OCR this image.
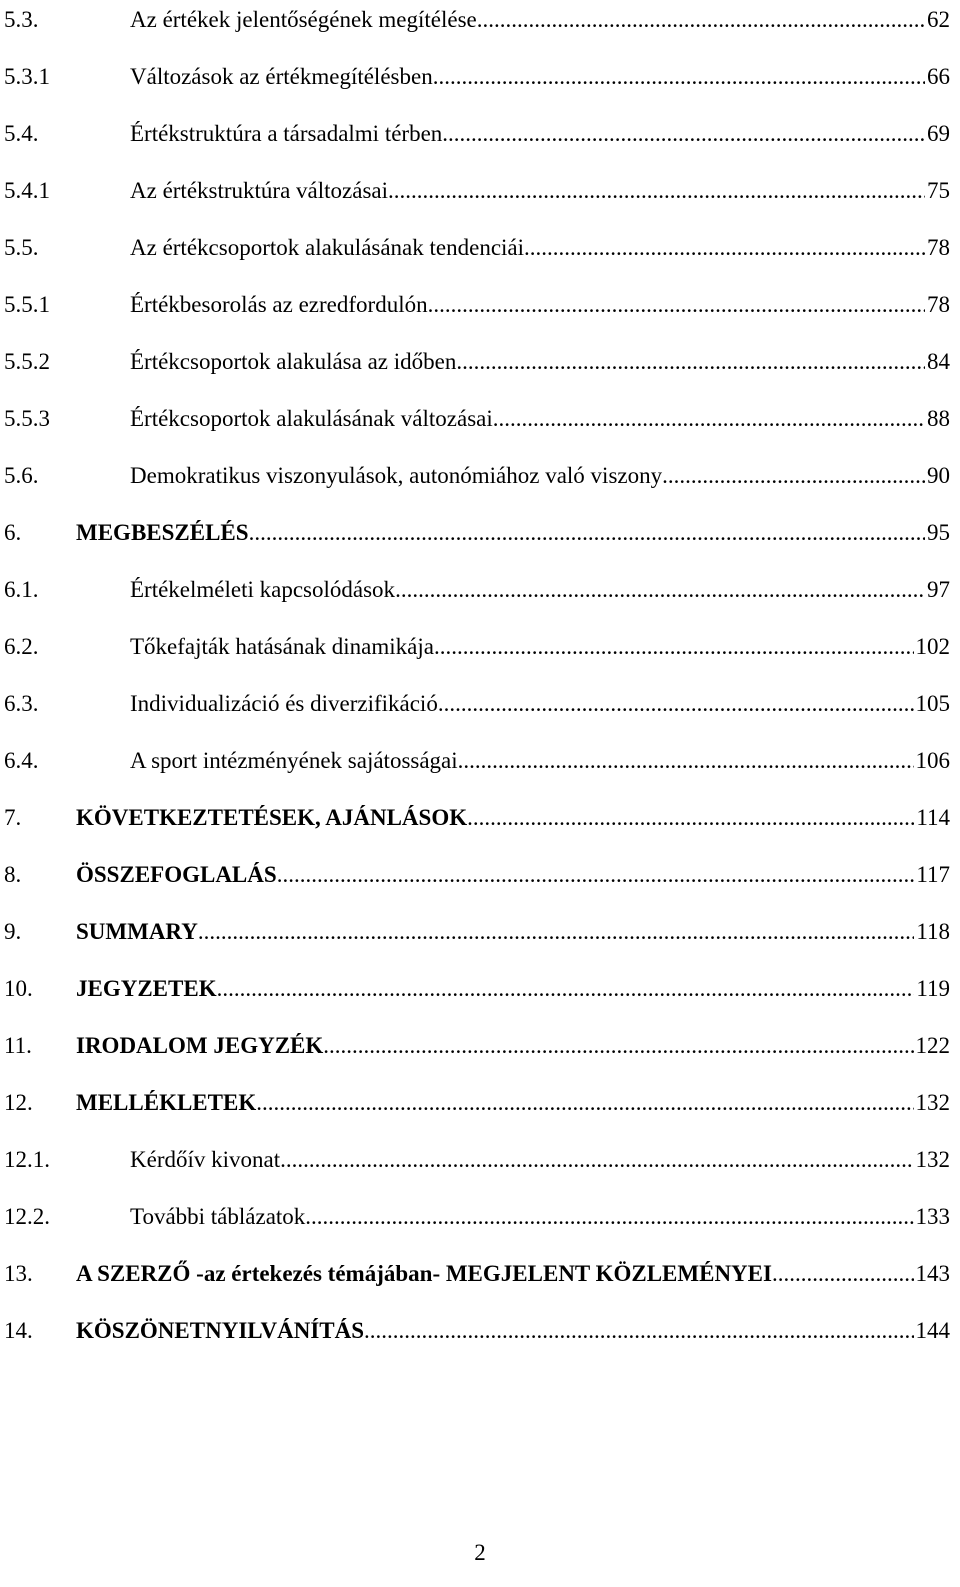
5.3.	Az értékek jelentőségének megítélése .....	62
5.3.1	Változások az értékmegítélésben .....	66
5.4.	Értékstruktúra a társadalmi térben .....	69
5.4.1	Az értékstruktúra változásai .....	75
5.5.	Az értékcsoportok alakulásának tendenciái .....	78
5.5.1	Értékbesorolás az ezredfordulón .....	78
5.5.2	Értékcsoportok alakulása az időben .....	84
5.5.3	Értékcsoportok alakulásának változásai .....	88
5.6.	Demokratikus viszonyulások, autonómiához való viszony .....	90
6. MEGBESZÉLÉS .....	95
6.1.	Értékelméleti kapcsolódások .....	97
6.2.	Tőkefajták hatásának dinamikája .....	102
6.3.	Individualizáció és diverzifikáció .....	105
6.4.	A sport intézményének sajátosságai .....	106
7. KÖVETKEZTETÉSEK, AJÁNLÁSOK .....	114
8. ÖSSZEFOGLALÁS .....	117
9. SUMMARY .....	118
10. JEGYZETEK .....	119
11. IRODALOM JEGYZÉK .....	122
12. MELLÉKLETEK .....	132
12.1.	Kérdőív kivonat .....	132
12.2.	További táblázatok .....	133
13. A SZERZŐ -az értekezés témájában- MEGJELENT KÖZLEMÉNYEI .....	143
14. KÖSZÖNETNYILVÁNÍTÁS .....	144
2
